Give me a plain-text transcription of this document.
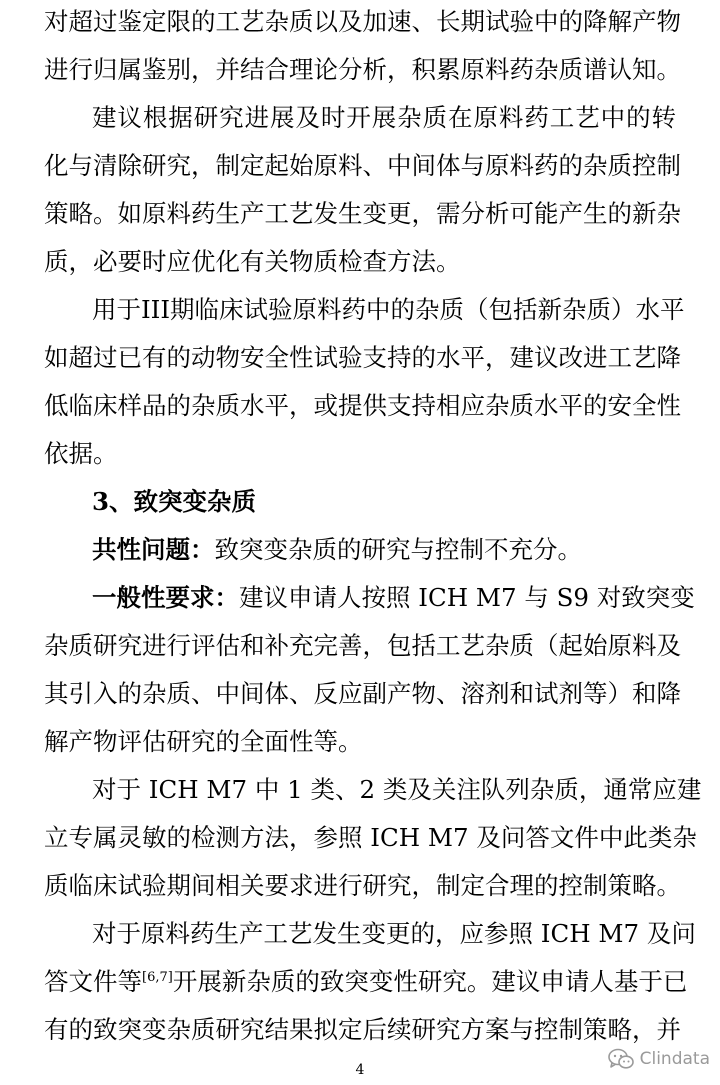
对超过鉴定限的工艺杂质以及加速、长期试验中的降解产物
进行归属鉴别，并结合理论分析，积累原料药杂质谱认知。
建议根据研究进展及时开展杂质在原料药工艺中的转
化与清除研究，制定起始原料、中间体与原料药的杂质控制
策略。如原料药生产工艺发生变更，需分析可能产生的新杂
质，必要时应优化有关物质检查方法。
用于III期临床试验原料药中的杂质（包括新杂质）水平
如超过已有的动物安全性试验支持的水平，建议改进工艺降
低临床样品的杂质水平，或提供支持相应杂质水平的安全性
依据。
3、致突变杂质
共性问题：致突变杂质的研究与控制不充分。
一般性要求：建议申请人按照 ICH M7 与 S9 对致突变
杂质研究进行评估和补充完善，包括工艺杂质（起始原料及
其引入的杂质、中间体、反应副产物、溶剂和试剂等）和降
解产物评估研究的全面性等。
对于 ICH M7 中 1 类、2 类及关注队列杂质，通常应建
立专属灵敏的检测方法，参照 ICH M7 及问答文件中此类杂
质临床试验期间相关要求进行研究，制定合理的控制策略。
对于原料药生产工艺发生变更的，应参照 ICH M7 及问
答文件等[6,7]开展新杂质的致突变性研究。建议申请人基于已
有的致突变杂质研究结果拟定后续研究方案与控制策略，并
4
Clindata
